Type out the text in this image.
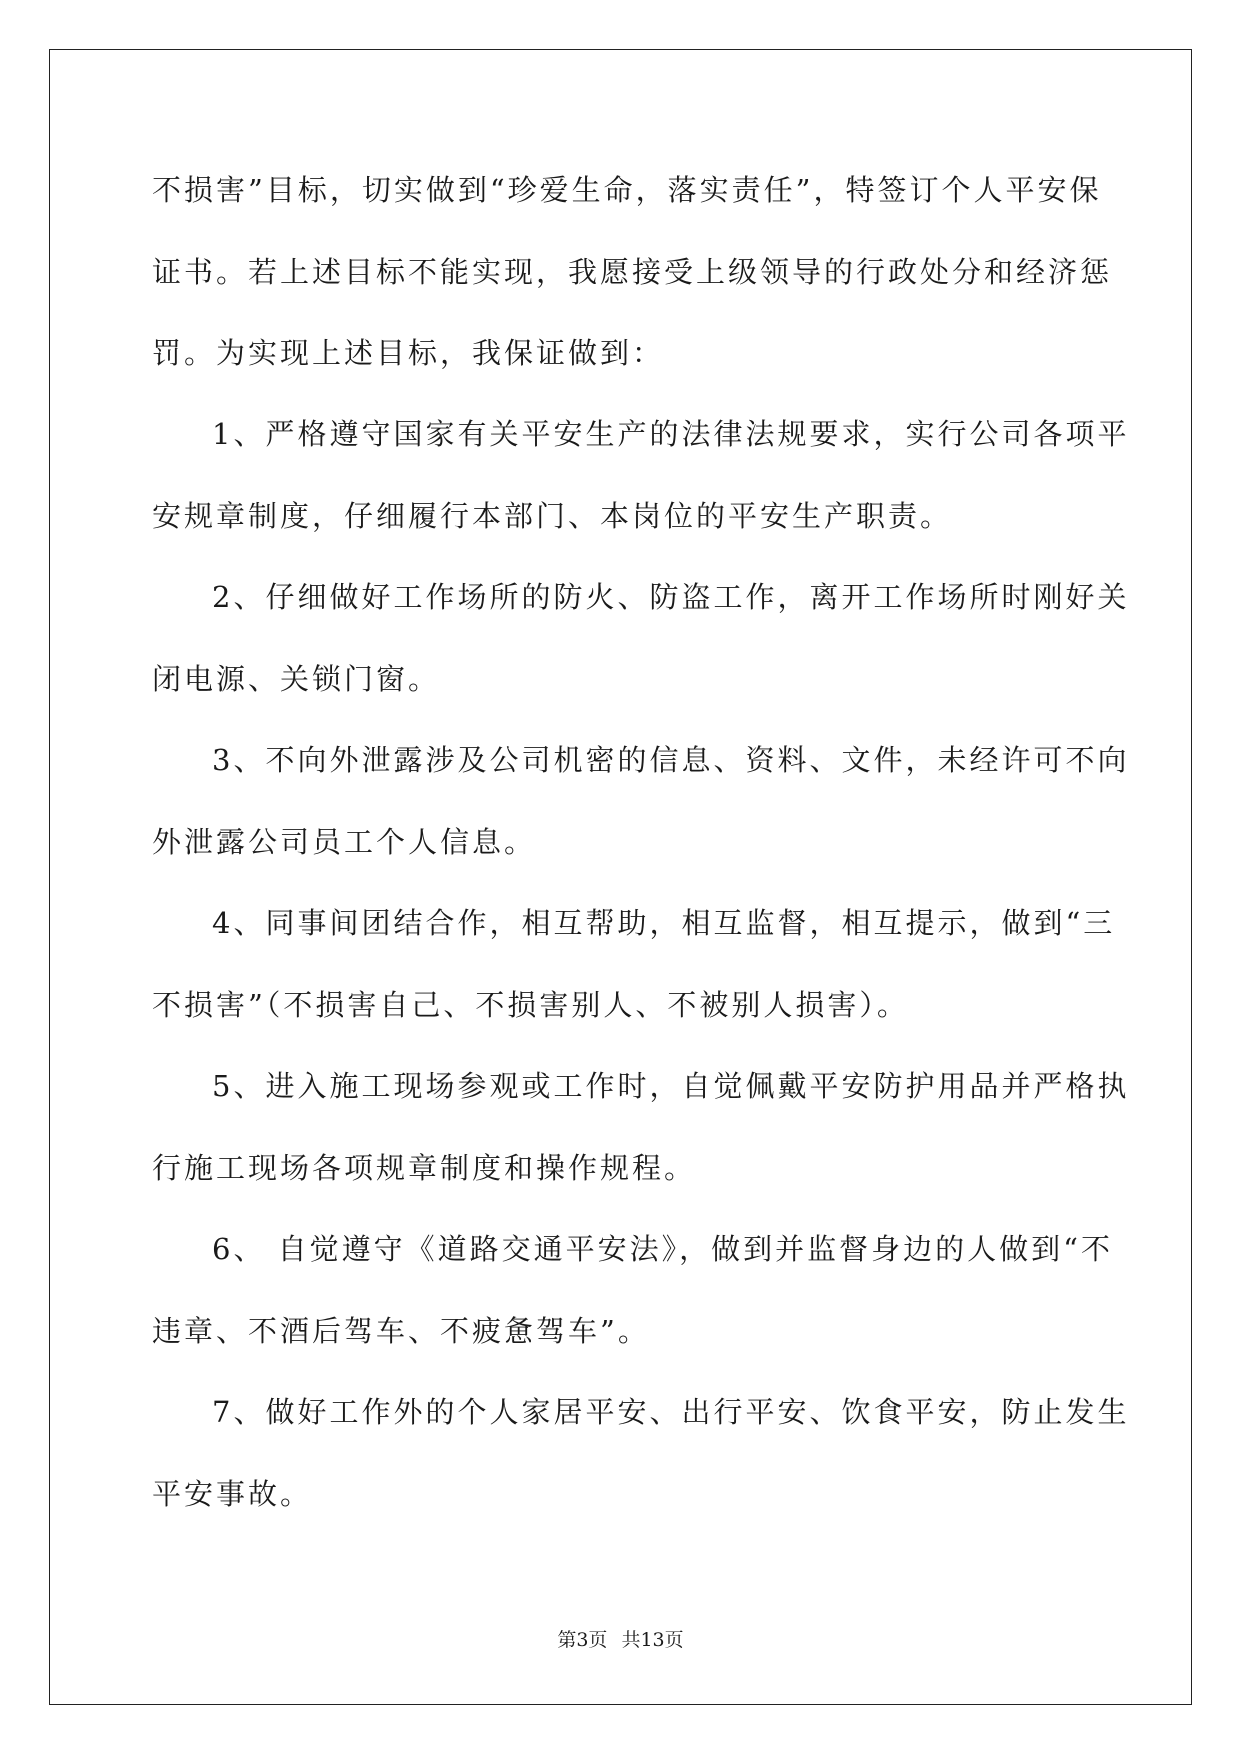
不损害”目标，切实做到“珍爱生命，落实责任”，特签订个人平安保
证书。若上述目标不能实现，我愿接受上级领导的行政处分和经济惩
罚。为实现上述目标，我保证做到：
1、严格遵守国家有关平安生产的法律法规要求，实行公司各项平
安规章制度，仔细履行本部门、本岗位的平安生产职责。
2、仔细做好工作场所的防火、防盗工作，离开工作场所时刚好关
闭电源、关锁门窗。
3、不向外泄露涉及公司机密的信息、资料、文件，未经许可不向
外泄露公司员工个人信息。
4、同事间团结合作，相互帮助，相互监督，相互提示，做到“三
不损害”（不损害自己、不损害别人、不被别人损害）。
5、进入施工现场参观或工作时，自觉佩戴平安防护用品并严格执
行施工现场各项规章制度和操作规程。
6、 自觉遵守《道路交通平安法》，做到并监督身边的人做到“不
违章、不酒后驾车、不疲惫驾车”。
7、做好工作外的个人家居平安、出行平安、饮食平安，防止发生
平安事故。
第3页 共13页
